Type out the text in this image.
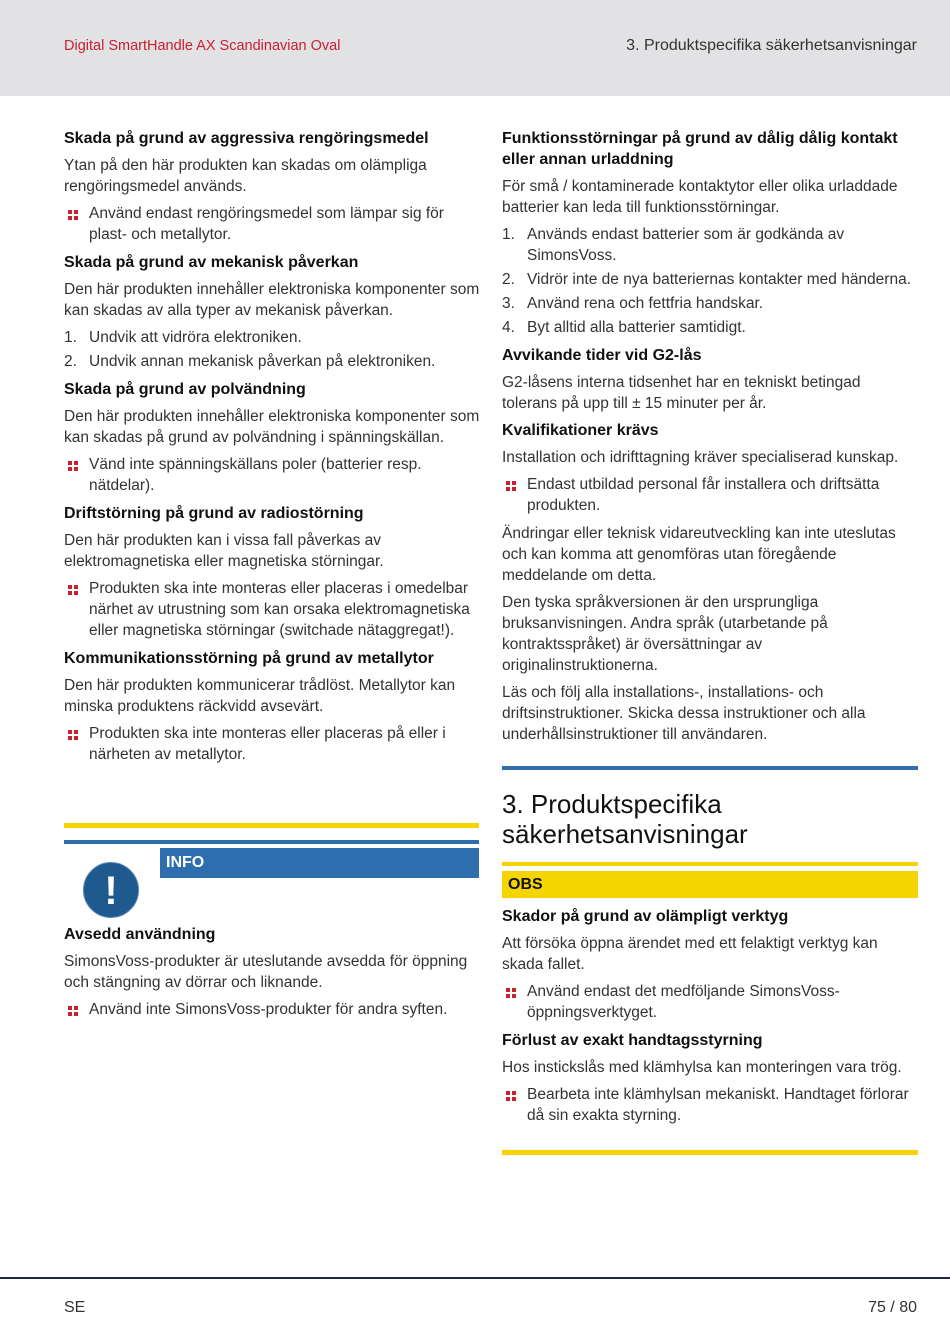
Digital SmartHandle AX Scandinavian Oval	3. Produktspecifika säkerhetsanvisningar
Skada på grund av aggressiva rengöringsmedel

Ytan på den här produkten kan skadas om olämpliga rengöringsmedel används.

Använd endast rengöringsmedel som lämpar sig för plast- och metallytor.
Skada på grund av mekanisk påverkan

Den här produkten innehåller elektroniska komponenter som kan skadas av alla typer av mekanisk påverkan.

1. Undvik att vidröra elektroniken.
2. Undvik annan mekanisk påverkan på elektroniken.
Skada på grund av polvändning

Den här produkten innehåller elektroniska komponenter som kan skadas på grund av polvändning i spänningskällan.

Vänd inte spänningskällans poler (batterier resp. nätdelar).
Driftstörning på grund av radiostörning

Den här produkten kan i vissa fall påverkas av elektromagnetiska eller magnetiska störningar.

Produkten ska inte monteras eller placeras i omedelbar närhet av utrustning som kan orsaka elektromagnetiska eller magnetiska störningar (switchade nätaggregat!).
Kommunikationsstörning på grund av metallytor

Den här produkten kommunicerar trådlöst. Metallytor kan minska produktens räckvidd avsevärt.

Produkten ska inte monteras eller placeras på eller i närheten av metallytor.
INFO
!
Avsedd användning

SimonsVoss-produkter är uteslutande avsedda för öppning och stängning av dörrar och liknande.

Använd inte SimonsVoss-produkter för andra syften.
Funktionsstörningar på grund av dålig dålig kontakt eller annan urladdning

För små / kontaminerade kontaktytor eller olika urladdade batterier kan leda till funktionsstörningar.

1. Används endast batterier som är godkända av SimonsVoss.
2. Vidrör inte de nya batteriernas kontakter med händerna.
3. Använd rena och fettfria handskar.
4. Byt alltid alla batterier samtidigt.
Avvikande tider vid G2-lås

G2-låsens interna tidsenhet har en tekniskt betingad tolerans på upp till ± 15 minuter per år.

Kvalifikationer krävs

Installation och idrifttagning kräver specialiserad kunskap.

Endast utbildad personal får installera och driftsätta produkten.

Ändringar eller teknisk vidareutveckling kan inte uteslutas och kan komma att genomföras utan föregående meddelande om detta.

Den tyska språkversionen är den ursprungliga bruksanvisningen. Andra språk (utarbetande på kontraktsspråket) är översättningar av originalinstruktionerna.

Läs och följ alla installations-, installations- och driftsinstruktioner. Skicka dessa instruktioner och alla underhållsinstruktioner till användaren.

3. Produktspecifika säkerhetsanvisningar
OBS
Skador på grund av olämpligt verktyg

Att försöka öppna ärendet med ett felaktigt verktyg kan skada fallet.

Använd endast det medföljande SimonsVoss-öppningsverktyget.
Förlust av exakt handtagsstyrning

Hos instickslås med klämhylsa kan monteringen vara trög.

Bearbeta inte klämhylsan mekaniskt. Handtaget förlorar då sin exakta styrning.
SE	75 / 80
